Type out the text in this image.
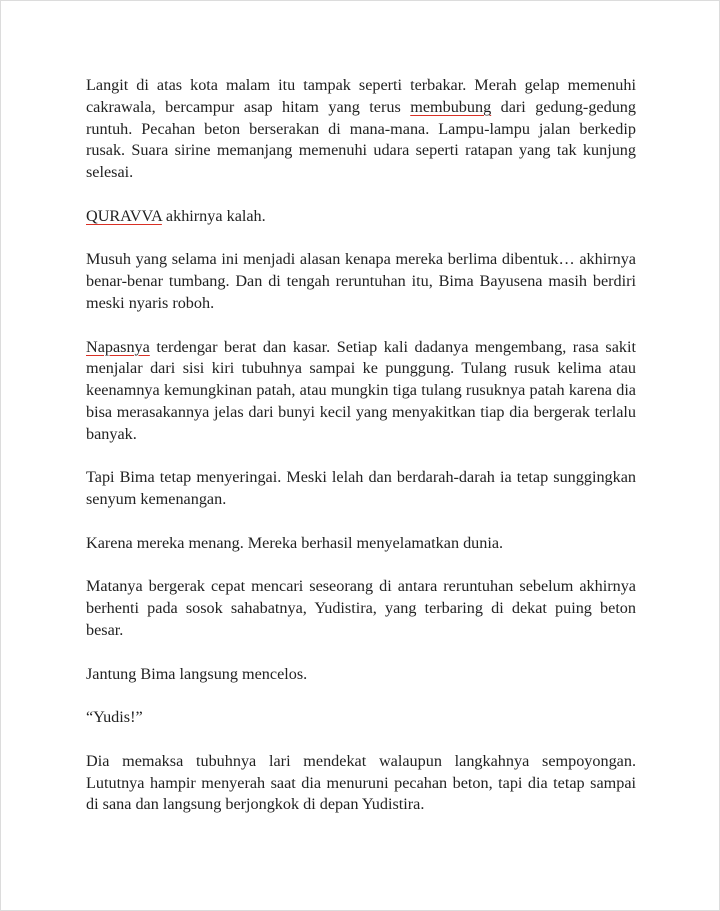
Langit di atas kota malam itu tampak seperti terbakar. Merah gelap memenuhi cakrawala, bercampur asap hitam yang terus membubung dari gedung-gedung runtuh. Pecahan beton berserakan di mana-mana. Lampu-lampu jalan berkedip rusak. Suara sirine memanjang memenuhi udara seperti ratapan yang tak kunjung selesai.

QURAVVA akhirnya kalah.

Musuh yang selama ini menjadi alasan kenapa mereka berlima dibentuk… akhirnya benar-benar tumbang. Dan di tengah reruntuhan itu, Bima Bayusena masih berdiri meski nyaris roboh.

Napasnya terdengar berat dan kasar. Setiap kali dadanya mengembang, rasa sakit menjalar dari sisi kiri tubuhnya sampai ke punggung. Tulang rusuk kelima atau keenamnya kemungkinan patah, atau mungkin tiga tulang rusuknya patah karena dia bisa merasakannya jelas dari bunyi kecil yang menyakitkan tiap dia bergerak terlalu banyak.

Tapi Bima tetap menyeringai. Meski lelah dan berdarah-darah ia tetap sunggingkan senyum kemenangan.

Karena mereka menang. Mereka berhasil menyelamatkan dunia.

Matanya bergerak cepat mencari seseorang di antara reruntuhan sebelum akhirnya berhenti pada sosok sahabatnya, Yudistira, yang terbaring di dekat puing beton besar.

Jantung Bima langsung mencelos.

“Yudis!”

Dia memaksa tubuhnya lari mendekat walaupun langkahnya sempoyongan. Lututnya hampir menyerah saat dia menuruni pecahan beton, tapi dia tetap sampai di sana dan langsung berjongkok di depan Yudistira.
